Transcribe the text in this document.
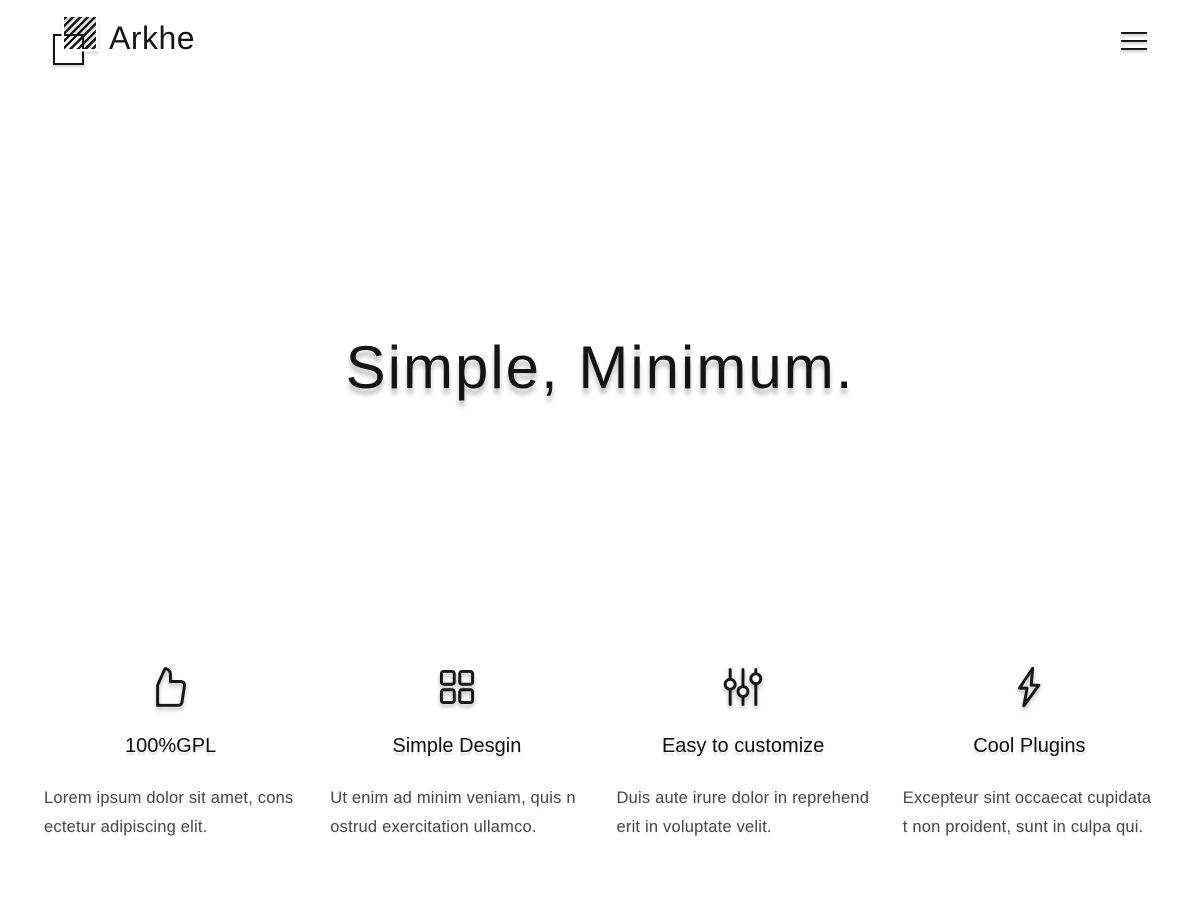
Arkhe
Simple, Minimum.
100%GPL

Lorem ipsum dolor sit amet, cons
ectetur adipiscing elit.

Simple Desgin

Ut enim ad minim veniam, quis n
ostrud exercitation ullamco.

Easy to customize

Duis aute irure dolor in reprehend
erit in voluptate velit.

Cool Plugins

Excepteur sint occaecat cupidata
t non proident, sunt in culpa qui.
